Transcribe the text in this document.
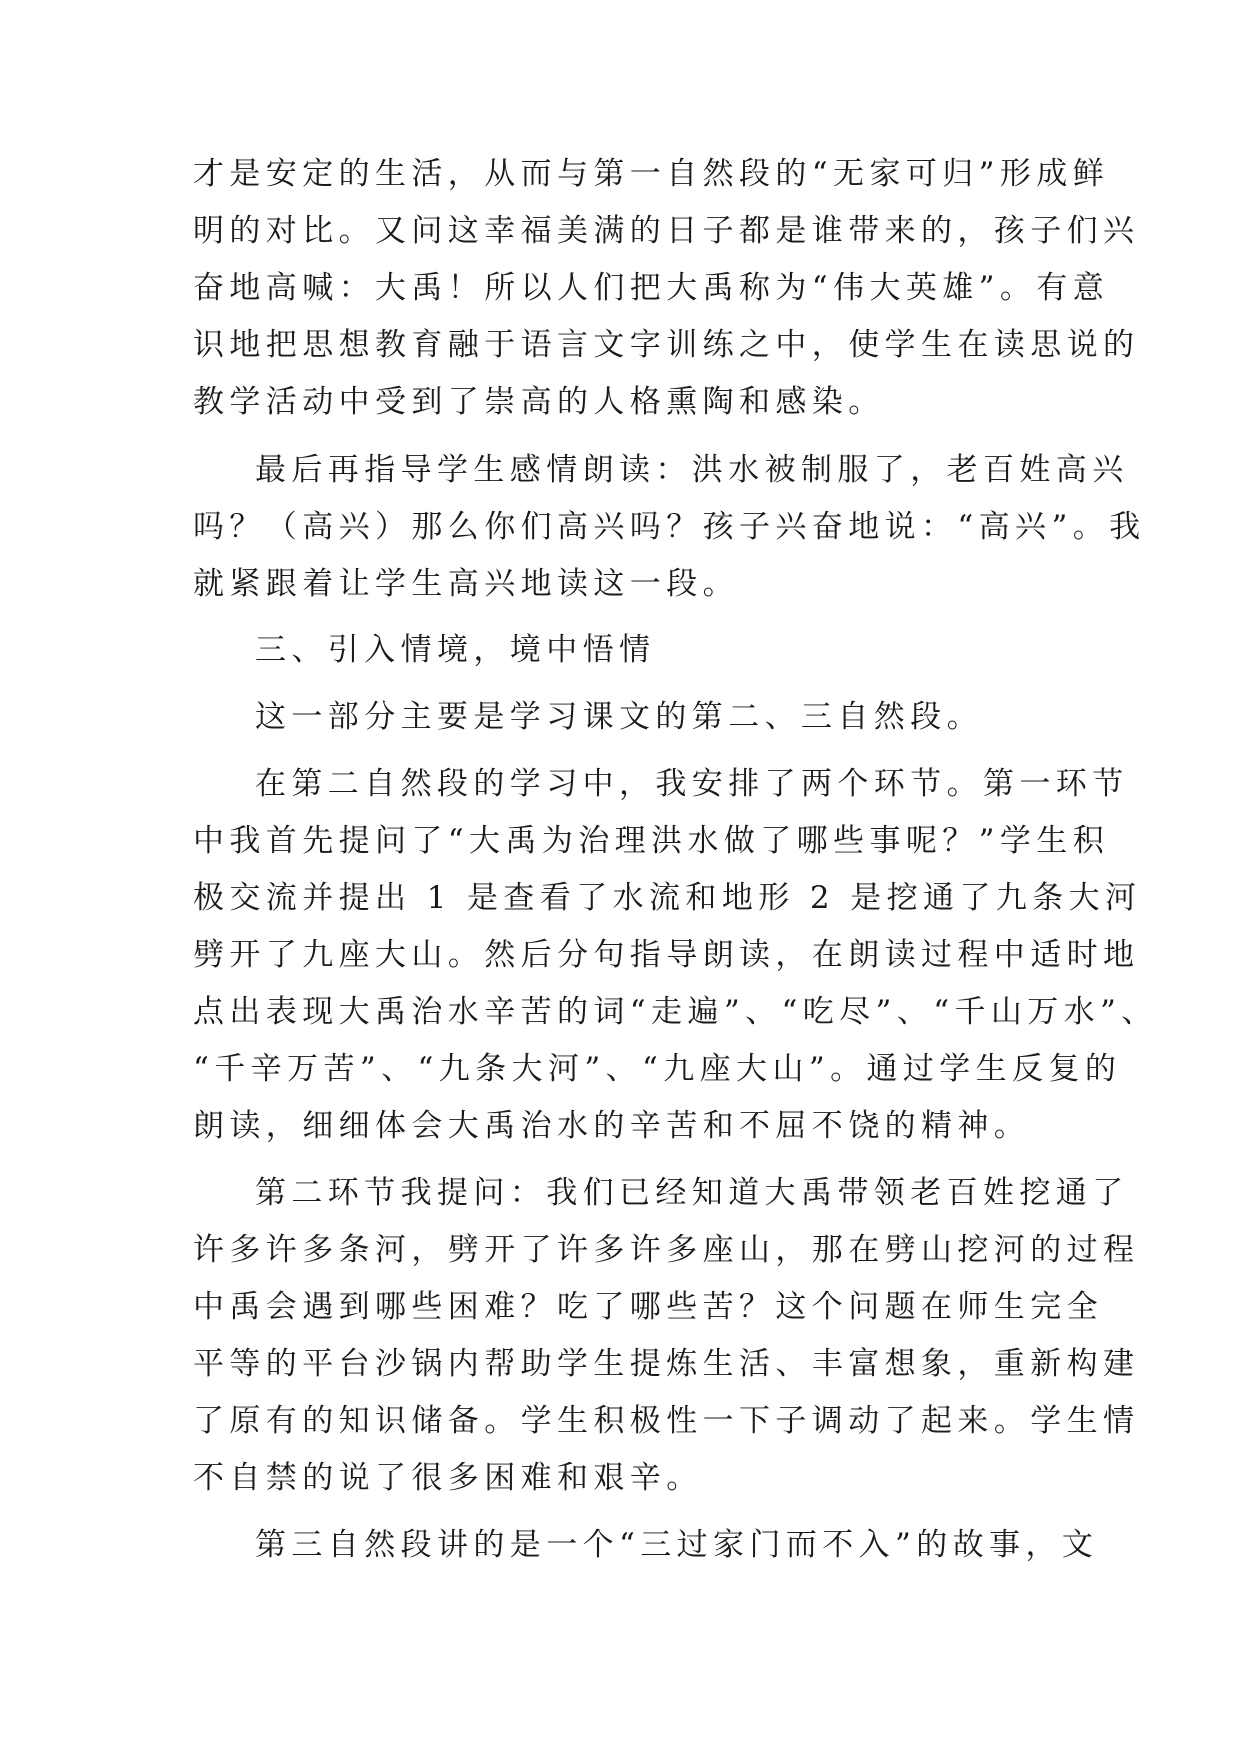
才是安定的生活，从而与第一自然段的“无家可归”形成鲜
明的对比。又问这幸福美满的日子都是谁带来的，孩子们兴
奋地高喊：大禹！所以人们把大禹称为“伟大英雄”。有意
识地把思想教育融于语言文字训练之中，使学生在读思说的
教学活动中受到了崇高的人格熏陶和感染。
最后再指导学生感情朗读：洪水被制服了，老百姓高兴
吗？（高兴）那么你们高兴吗？孩子兴奋地说：“高兴”。我
就紧跟着让学生高兴地读这一段。
三、引入情境，境中悟情
这一部分主要是学习课文的第二、三自然段。
在第二自然段的学习中，我安排了两个环节。第一环节
中我首先提问了“大禹为治理洪水做了哪些事呢？”学生积
极交流并提出 1 是查看了水流和地形 2 是挖通了九条大河
劈开了九座大山。然后分句指导朗读，在朗读过程中适时地
点出表现大禹治水辛苦的词“走遍”、“吃尽”、“千山万水”、
“千辛万苦”、“九条大河”、“九座大山”。通过学生反复的
朗读，细细体会大禹治水的辛苦和不屈不饶的精神。
第二环节我提问：我们已经知道大禹带领老百姓挖通了
许多许多条河，劈开了许多许多座山，那在劈山挖河的过程
中禹会遇到哪些困难？吃了哪些苦？这个问题在师生完全
平等的平台沙锅内帮助学生提炼生活、丰富想象，重新构建
了原有的知识储备。学生积极性一下子调动了起来。学生情
不自禁的说了很多困难和艰辛。
第三自然段讲的是一个“三过家门而不入”的故事，文
